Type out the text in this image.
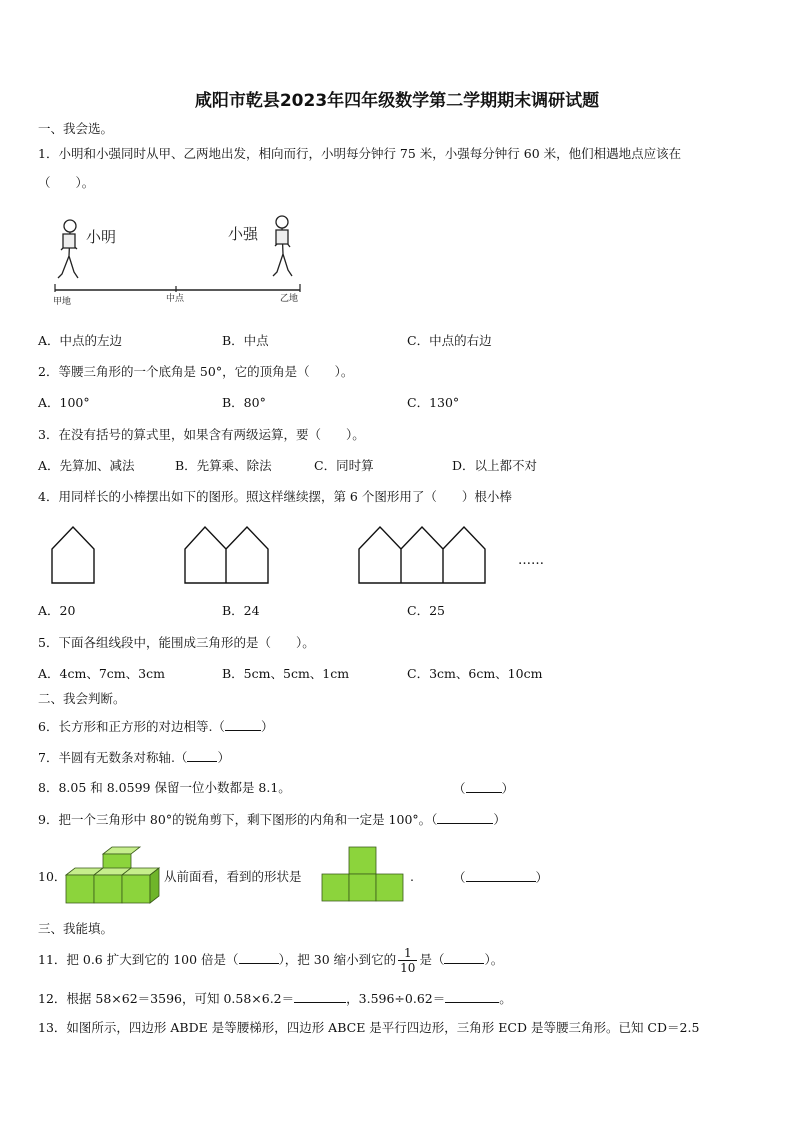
咸阳市乾县2023年四年级数学第二学期期末调研试题
一、我会选。
1．小明和小强同时从甲、乙两地出发，相向而行，小明每分钟行 75 米，小强每分钟行 60 米，他们相遇地点应该在
（　　）。
小明	小强
甲地	中点	乙地
A．中点的左边	B．中点	C．中点的右边
2．等腰三角形的一个底角是 50°，它的顶角是（　　）。
A．100°	B．80°	C．130°
3．在没有括号的算式里，如果含有两级运算，要（　　）。
A．先算加、减法	B．先算乘、除法	C．同时算	D．以上都不对
4．用同样长的小棒摆出如下的图形。照这样继续摆，第 6 个图形用了（　　）根小棒
……
A．20	B．24	C．25
5．下面各组线段中，能围成三角形的是（　　）。
A．4cm、7cm、3cm	B．5cm、5cm、1cm	C．3cm、6cm、10cm
二、我会判断。
6．长方形和正方形的对边相等.（	）
7．半圆有无数条对称轴.（ ）
8．8.05 和 8.0599 保留一位小数都是 8.1。	（	）
9．把一个三角形中 80°的锐角剪下，剩下图形的内角和一定是 100°。（	）
10．	从前面看，看到的形状是	.	（	）
三、我能填。
11．把 0.6 扩大到它的 100 倍是（	），把 30 缩小到它的 $\frac{1}{10}$ 是（	）。
12．根据 58×62＝3596，可知 0.58×6.2＝	，3.596÷0.62＝	。
13．如图所示，四边形 ABDE 是等腰梯形，四边形 ABCE 是平行四边形，三角形 ECD 是等腰三角形。已知 CD＝2.5
